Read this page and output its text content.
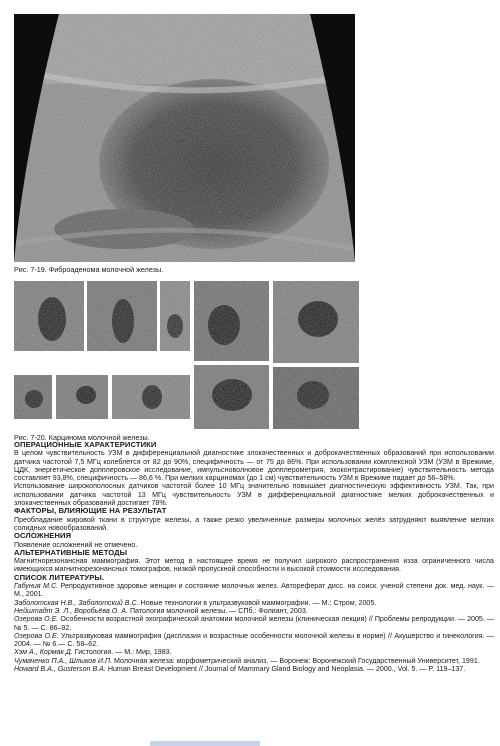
Рис. 7-19. Фиброаденома молочной железы.
Рис. 7-20. Карцинома молочной железы.
ОПЕРАЦИОННЫЕ ХАРАКТЕРИСТИКИ
В целом чувствительность УЗМ в дифференциальной диагностике злокачественных и доброкачественных образований при использовании датчика частотой 7,5 МГц колеблется от 82 до 90%, специфичность — от 75 до 86%. При использовании комплексной УЗМ (УЗМ в Врежиме, ЦДК, энергетическое допплеровское исследование, импульсноволновое допплерометрия, эхоконтрастирование) чувствительность метода составляет 93,8%, специфичность — 86,6 %. При мелких карциномах (до 1 см) чувствительность УЗМ в Врежиме падает до 56–58%.
Использование широкополосных датчиков частотой более 10 МГц значительно повышает диагностическую эффективность УЗМ. Так, при использовании датчика частотой 13 МГц чувствительность УЗМ в дифференциальной диагностике мелких доброкачественных и злокачественных образований достигает 78%.
ФАКТОРЫ, ВЛИЯЮЩИЕ НА РЕЗУЛЬТАТ
Преобладание жировой ткани в структуре железы, а также резко увеличенные размеры молочных желёз затрудняют выявление мелких солидных новообразований.
ОСЛОЖНЕНИЯ
Появление осложнений не отмечено.
АЛЬТЕРНАТИВНЫЕ МЕТОДЫ
Магнитнорезонансная маммография. Этот метод в настоящее время не получил широкого распространения изза ограниченного числа имеющихся магнитнорезонансных томографов, низкой пропускной способности и высокой стоимости исследования.
СПИСОК ЛИТЕРАТУРЫ.
Габуния М.С. Репродуктивное здоровье женщин и состояние молочных желез. Автореферат дисс. на соиск. ученой степени док. мед. наук. — М., 2001.
Заболотская Н.В., Заболотский В.С. Новые технологии в ультразвуковой маммографии. — М.: Стром, 2005.
Нейштадт Э. Л., Воробьёва О. А. Патология молочной железы. — СПб.: Фолиант, 2003.
Озерова О.Е. Особенности возрастной эхографической анатомии молочной железы (клиническая лекция) // Проблемы репродукции. — 2005. — № 5. — С. 86–92.
Озерова О.Е. Ультразвуковая маммография (дисплазия и возрастные особенности молочной железы в норме) // Акушерство и гинекология. — 2004. — № 6.— С. 58–62.
Хэм А., Кормак Д. Гистология. — М.: Мир, 1983.
Чумаченко П.А., Шлыков И.П. Молочная железа: морфометрический анализ. — Воронеж: Воронежский Государственный Университет, 1991.
Howard B.A., Gusterson B.A. Human Breast Development // Journal of Mammary Gland Biology and Neoplasia. — 2000., Vol. 5. — P. 119–137.
